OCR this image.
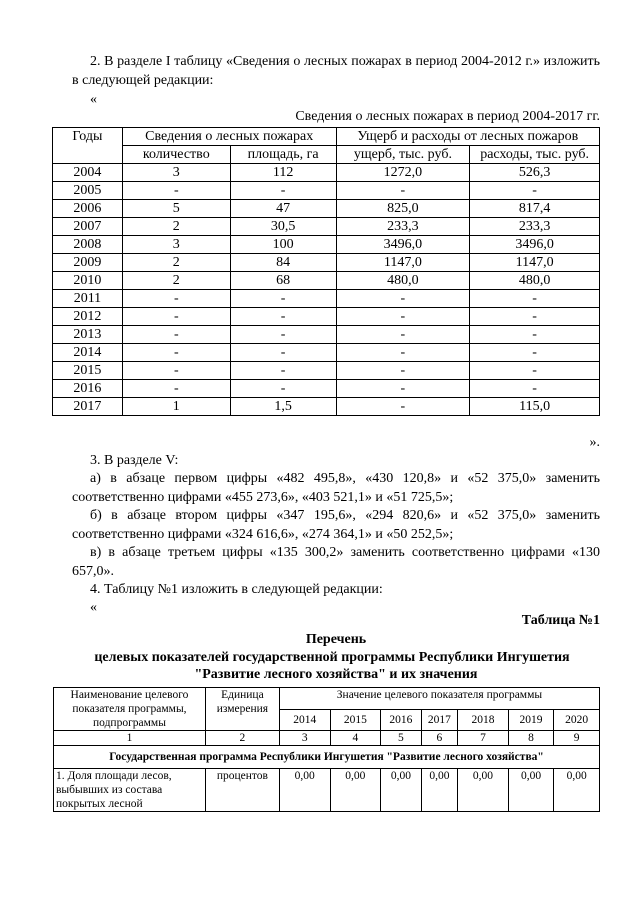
2. В разделе I таблицу «Сведения о лесных пожарах в период 2004-2012 г.» изложить в следующей редакции:

«

Сведения о лесных пожарах в период 2004-2017 гг.

Годы	Сведения о лесных пожарах		Ущерб и расходы от лесных пожаров	
	количество	площадь, га	ущерб, тыс. руб.	расходы, тыс. руб.
2004	3	112	1272,0	526,3
2005	-	-	-	-
2006	5	47	825,0	817,4
2007	2	30,5	233,3	233,3
2008	3	100	3496,0	3496,0
2009	2	84	1147,0	1147,0
2010	2	68	480,0	480,0
2011	-	-	-	-
2012	-	-	-	-
2013	-	-	-	-
2014	-	-	-	-
2015	-	-	-	-
2016	-	-	-	-
2017	1	1,5	-	115,0

».

3. В разделе V:

а) в абзаце первом цифры «482 495,8», «430 120,8» и «52 375,0» заменить соответственно цифрами «455 273,6», «403 521,1» и «51 725,5»;

б) в абзаце втором цифры «347 195,6», «294 820,6» и «52 375,0» заменить соответственно цифрами «324 616,6», «274 364,1» и «50 252,5»;

в) в абзаце третьем цифры «135 300,2» заменить соответственно цифрами «130 657,0».

4. Таблицу №1 изложить в следующей редакции:

«

Таблица №1

Перечень

целевых показателей государственной программы Республики Ингушетия

"Развитие лесного хозяйства" и их значения

Наименование целевого показателя программы, подпрограммы	Единица измерения	Значение целевого показателя программы						
		2014	2015	2016	2017	2018	2019	2020
1	2	3	4	5	6	7	8	9
Государственная программа Республики Ингушетия "Развитие лесного хозяйства"								
1. Доля площади лесов, выбывших из состава покрытых лесной	процентов	0,00	0,00	0,00	0,00	0,00	0,00	0,00
